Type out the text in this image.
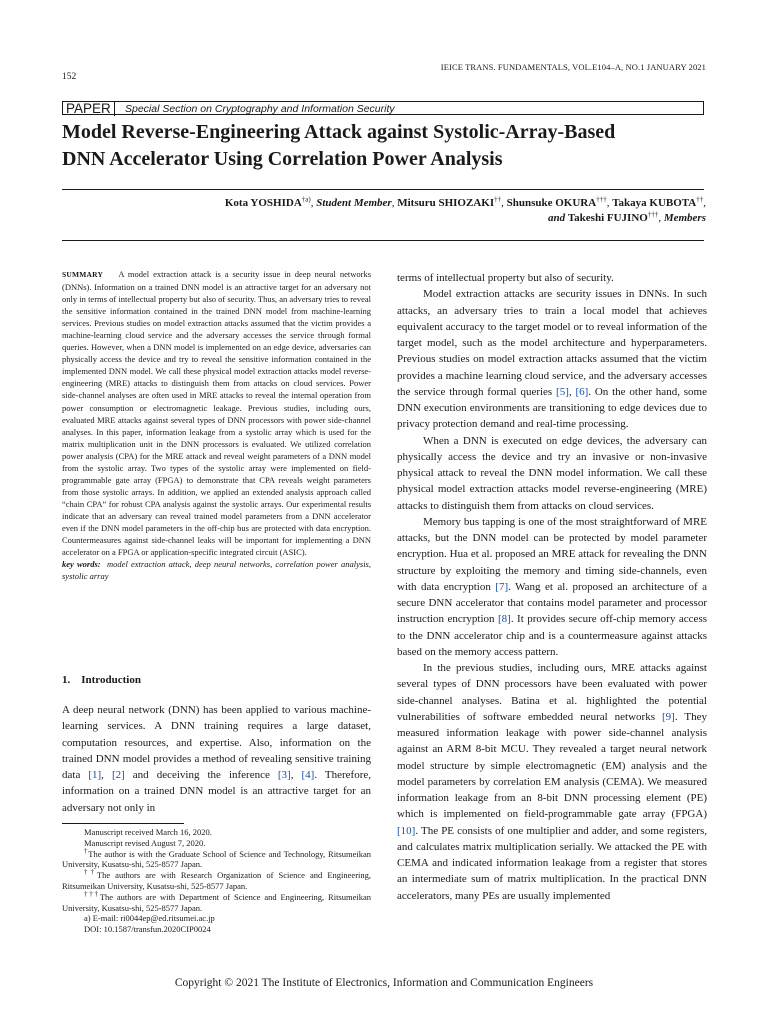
IEICE TRANS. FUNDAMENTALS, VOL.E104–A, NO.1 JANUARY 2021
152
PAPER	Special Section on Cryptography and Information Security
Model Reverse-Engineering Attack against Systolic-Array-Based
DNN Accelerator Using Correlation Power Analysis
Kota YOSHIDA$^{\dagger a)}$, Student Member, Mitsuru SHIOZAKI††, Shunsuke OKURA†††, Takaya KUBOTA††,
and Takeshi FUJINO†††, Members
SUMMARY A model extraction attack is a security issue in deep neural networks (DNNs). Information on a trained DNN model is an attractive target for an adversary not only in terms of intellectual property but also of security. Thus, an adversary tries to reveal the sensitive information contained in the trained DNN model from machine-learning services. Previous studies on model extraction attacks assumed that the victim provides a machine-learning cloud service and the adversary accesses the service through formal queries. However, when a DNN model is implemented on an edge device, adversaries can physically access the device and try to reveal the sensitive information contained in the implemented DNN model. We call these physical model extraction attacks model reverse-engineering (MRE) attacks to distinguish them from attacks on cloud services. Power side-channel analyses are often used in MRE attacks to reveal the internal operation from power consumption or electromagnetic leakage. Previous studies, including ours, evaluated MRE attacks against several types of DNN processors with power side-channel analyses. In this paper, information leakage from a systolic array which is used for the matrix multiplication unit in the DNN processors is evaluated. We utilized correlation power analysis (CPA) for the MRE attack and reveal weight parameters of a DNN model from the systolic array. Two types of the systolic array were implemented on field-programmable gate array (FPGA) to demonstrate that CPA reveals weight parameters from those systolic arrays. In addition, we applied an extended analysis approach called “chain CPA” for robust CPA analysis against the systolic arrays. Our experimental results indicate that an adversary can reveal trained model parameters from a DNN accelerator even if the DNN model parameters in the off-chip bus are protected with data encryption. Countermeasures against side-channel leaks will be important for implementing a DNN accelerator on a FPGA or application-specific integrated circuit (ASIC).
key words: model extraction attack, deep neural networks, correlation power analysis, systolic array
1. Introduction
A deep neural network (DNN) has been applied to various machine-learning services. A DNN training requires a large dataset, computation resources, and expertise. Also, information on the trained DNN model provides a method of revealing sensitive training data [1], [2] and deceiving the inference [3], [4]. Therefore, information on a trained DNN model is an attractive target for an adversary not only in

Manuscript received March 16, 2020.

Manuscript revised August 7, 2020.

†The author is with the Graduate School of Science and Technology, Ritsumeikan University, Kusatsu-shi, 525-8577 Japan.

††The authors are with Research Organization of Science and Engineering, Ritsumeikan University, Kusatsu-shi, 525-8577 Japan.

†††The authors are with Department of Science and Engineering, Ritsumeikan University, Kusatsu-shi, 525-8577 Japan.

a) E-mail: ri0044ep@ed.ritsumei.ac.jp

DOI: 10.1587/transfun.2020CIP0024

terms of intellectual property but also of security.

Model extraction attacks are security issues in DNNs. In such attacks, an adversary tries to train a local model that achieves equivalent accuracy to the target model or to reveal information of the target model, such as the model architecture and hyperparameters. Previous studies on model extraction attacks assumed that the victim provides a machine learning cloud service, and the adversary accesses the service through formal queries [5], [6]. On the other hand, some DNN execution environments are transitioning to edge devices due to privacy protection demand and real-time processing.

When a DNN is executed on edge devices, the adversary can physically access the device and try an invasive or non-invasive physical attack to reveal the DNN model information. We call these physical model extraction attacks model reverse-engineering (MRE) attacks to distinguish them from attacks on cloud services.

Memory bus tapping is one of the most straightforward of MRE attacks, but the DNN model can be protected by model parameter encryption. Hua et al. proposed an MRE attack for revealing the DNN structure by exploiting the memory and timing side-channels, even with data encryption [7]. Wang et al. proposed an architecture of a secure DNN accelerator that contains model parameter and processor instruction encryption [8]. It provides secure off-chip memory access to the DNN accelerator chip and is a countermeasure against attacks based on the memory access pattern.

In the previous studies, including ours, MRE attacks against several types of DNN processors have been evaluated with power side-channel analyses. Batina et al. highlighted the potential vulnerabilities of software embedded neural networks [9]. They measured information leakage with power side-channel analysis against an ARM 8-bit MCU. They revealed a target neural network model structure by simple electromagnetic (EM) analysis and the model parameters by correlation EM analysis (CEMA). We measured information leakage from an 8-bit DNN processing element (PE) which is implemented on field-programmable gate array (FPGA) [10]. The PE consists of one multiplier and adder, and some registers, and calculates matrix multiplication serially. We attacked the PE with CEMA and indicated information leakage from a register that stores an intermediate sum of matrix multiplication. In the practical DNN accelerators, many PEs are usually implemented

Copyright © 2021 The Institute of Electronics, Information and Communication Engineers
